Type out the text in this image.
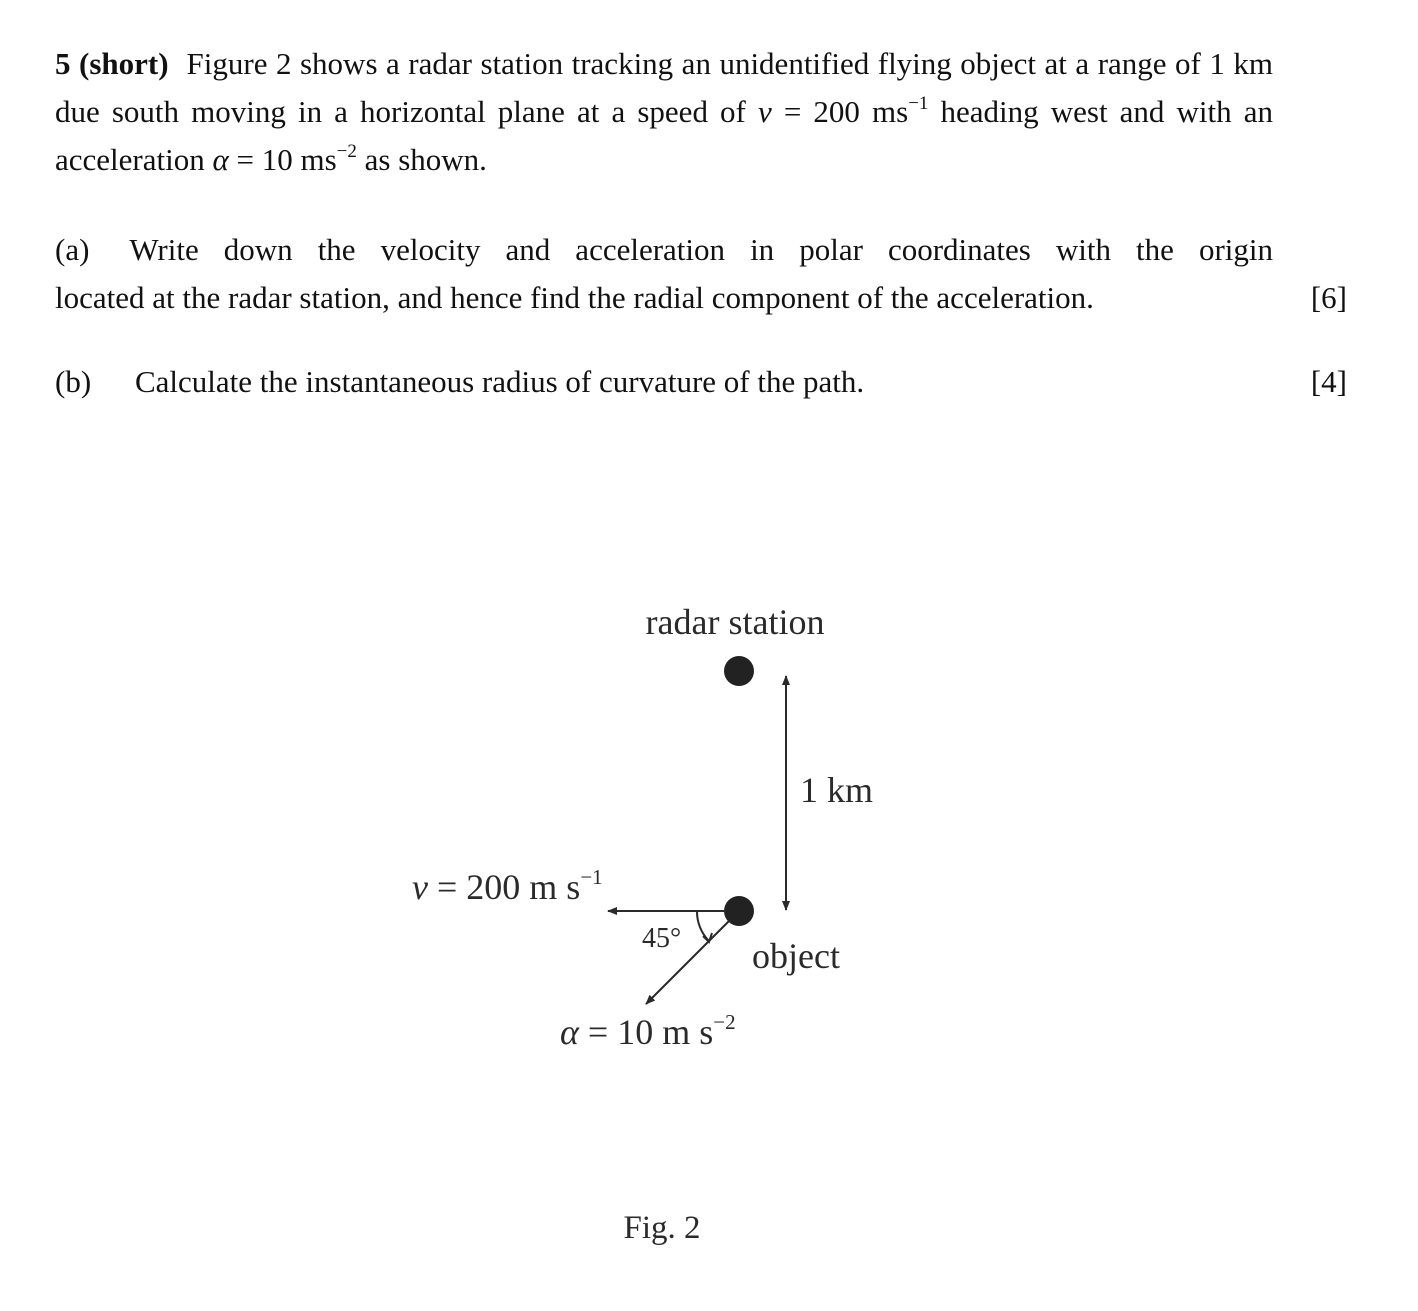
5 (short) Figure 2 shows a radar station tracking an unidentified flying object at a range of 1 km due south moving in a horizontal plane at a speed of v = 200 $ms^{-1}$ heading west and with an acceleration α = 10 $ms^{-2}$ as shown.
(a) Write down the velocity and acceleration in polar coordinates with the origin
located at the radar station, and hence find the radial component of the acceleration.	[6]
(b) Calculate the instantaneous radius of curvature of the path.	[4]
radar station
1 km
v = 200 m $s^{-1}$
45° object
α = 10 m $s^{-2}$
Fig. 2
